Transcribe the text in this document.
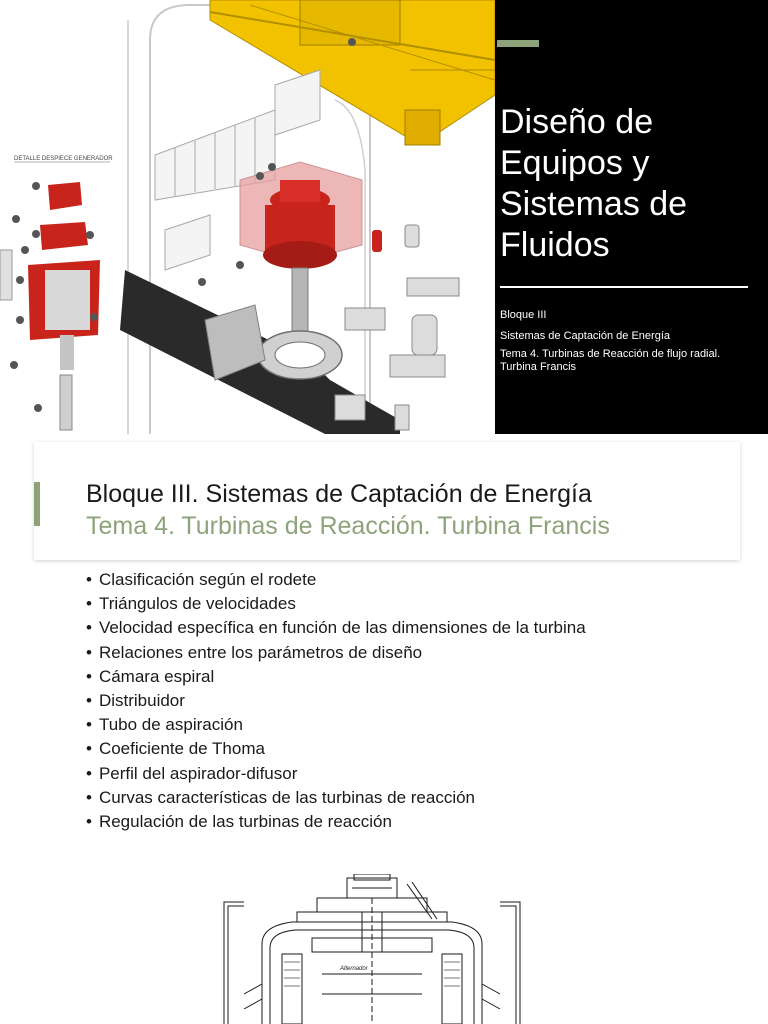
DETALLE DESPIECE GENERADOR
Diseño de Equipos y Sistemas de Fluidos
Bloque III
Sistemas de Captación de Energía
Tema 4. Turbinas de Reacción de flujo radial. Turbina Francis
Bloque III. Sistemas de Captación de Energía
Tema 4. Turbinas de Reacción. Turbina Francis
• Clasificación según el rodete
• Triángulos de velocidades
• Velocidad específica en función de las dimensiones de la turbina
• Relaciones entre los parámetros de diseño
• Cámara espiral
• Distribuidor
• Tubo de aspiración
• Coeficiente de Thoma
• Perfil del aspirador-difusor
• Curvas características de las turbinas de reacción
• Regulación de las turbinas de reacción
Alternador
